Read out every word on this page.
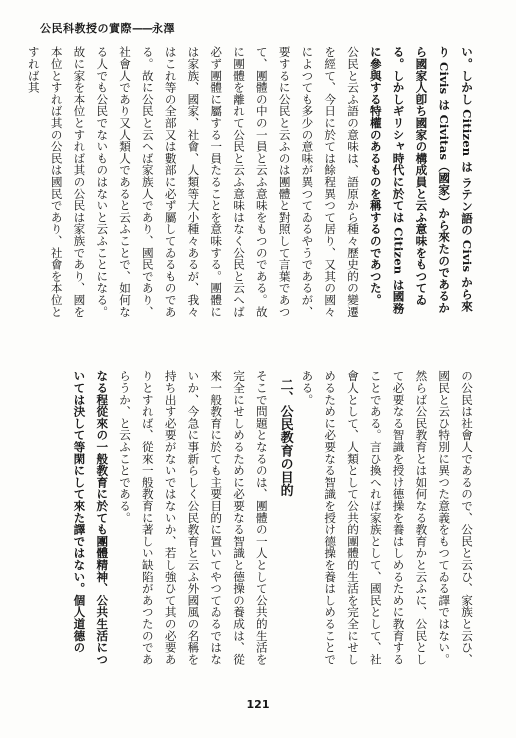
公民科教授の實際——永澤

い。しかし Citizen は ラテン語の Civis から來り Civis は Civitas（國家）から來たのであるから國家人卽ち國家の構成員と云ふ意味をもつてゐる。しかしギリシャ時代に於ては Citizen は國務に參與する特權のあるものを稱するのであつた。

公民と云ふ語の意味は、語原から種々歷史的の變遷を經て、今日に於ては餘程異つて居り、又其の國々によつても多少の意味が異つてゐるやうであるが、要するに公民と云ふのは團體と對照して言葉であつて、團體の中の一員と云ふ意味をもつのである。故に團體を離れて公民と云ふ意味はなく公民と云へば必ず團體に屬する一員たることを意味する。團體には家族、國家、社會、人類等大小種々あるが、我々はこれ等の全部又は數部に必ず屬してゐるものである。故に公民と云へば家族人であり、國民であり、社會人であり又人類人であると云ふことで、如何なる人でも公民でないものはないと云ふことになる。故に家を本位とすれば其の公民は家族であり、國を本位とすれば其の公民は國民であり、社會を本位とすれば其

の公民は社會人であるので、公民と云ひ、家族と云ひ、國民と云ひ特別に異つた意義をもつてゐる譯ではない。然らば公民教育とは如何なる教育かと云ふに、公民として必要なる智識を授け德操を養はしめるために教育することである。言ひ換へれば家族として、國民として、社會人として、人類として公共的團體的生活を完全にせしめるために必要なる智識を授け德操を養はしめることである。

二、公民教育の目的

そこで問題となるのは、團體の一人として公共的生活を完全にせしめるために必要なる智識と德操の養成は、從來一般教育に於ても主要目的に置いてやつてゐるではないか、今急に事新らしく公民教育と云ふ外國風の名稱を持ち出す必要がないではないか、若し強ひて其の必要ありとすれば、從來一般教育に著しい缺陷があつたのであらうか、と云ふことである。

なる程從來の一般教育に於ても團體精神、公共生活については決して等閑にして來た譯ではない。個人道德の

121
